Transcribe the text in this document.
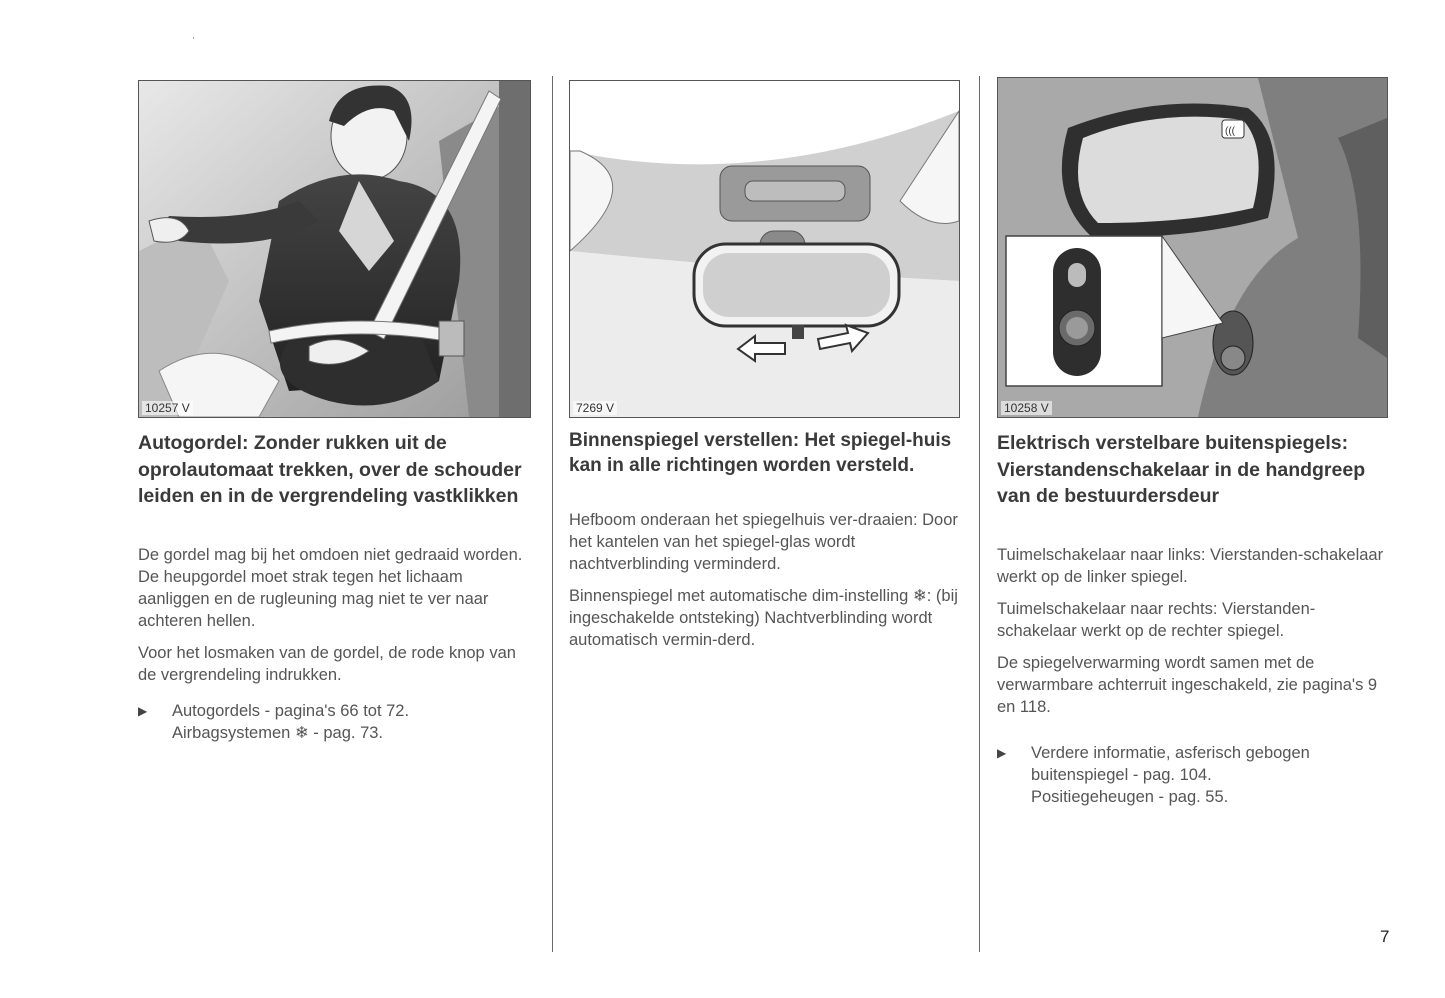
10257 V
Autogordel: Zonder rukken uit de oprolautomaat trekken, over de schouder leiden en in de vergrendeling vastklikken

De gordel mag bij het omdoen niet gedraaid worden. De heupgordel moet strak tegen het lichaam aanliggen en de rugleuning mag niet te ver naar achteren hellen.

Voor het losmaken van de gordel, de rode knop van de vergrendeling indrukken.

▶	Autogordels - pagina's 66 tot 72.
Airbagsystemen ❄ - pag. 73.
7269 V
Binnenspiegel verstellen: Het spiegel-huis kan in alle richtingen worden versteld.

Hefboom onderaan het spiegelhuis ver-draaien: Door het kantelen van het spiegel-glas wordt nachtverblinding verminderd.

Binnenspiegel met automatische dim-instelling ❄: (bij ingeschakelde ontsteking) Nachtverblinding wordt automatisch vermin-derd.

(((
10258 V
Elektrisch verstelbare buitenspiegels: Vierstandenschakelaar in de handgreep van de bestuurdersdeur

Tuimelschakelaar naar links: Vierstanden-schakelaar werkt op de linker spiegel.

Tuimelschakelaar naar rechts: Vierstanden-schakelaar werkt op de rechter spiegel.

De spiegelverwarming wordt samen met de verwarmbare achterruit ingeschakeld, zie pagina's 9 en 118.

▶	Verdere informatie, asferisch gebogen buitenspiegel - pag. 104.
Positiegeheugen - pag. 55.
7
